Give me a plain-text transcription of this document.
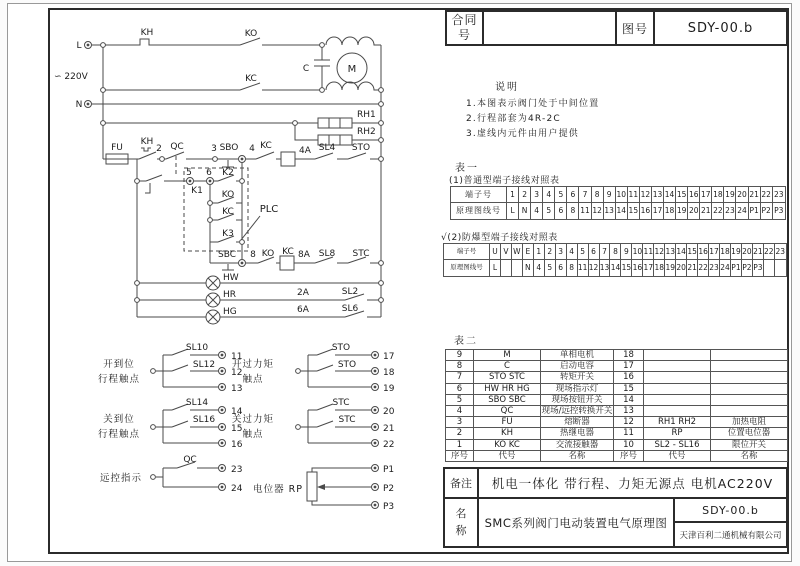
L
∽ 220V
N
KH	KO
KC
C	M
RH1
RH2
FU
KH
2 QC	3 SBO 4 KC	4A SL4 STO
5 6
K1
K2
KO
KC
K3
PLC
SBC 8 KO KC 8A SL8 STC
HW
HR
HG
2A	SL2
6A	SL6
开到位
行程触点
SL10
SL12
11
12
13
开过力矩
触点
STO
STO
17
18
19
关到位
行程触点
SL14
SL16
14
15
16
关过力矩
触点
STC
STC
20
21
22
远控指示
QC
23
24 电位器 RP
P1
P2
P3
合同号	图号	SDY-00.b
说明
1.本图表示阀门处于中间位置
2.行程部套为4R-2C
3.虚线内元件由用户提供
表一
(1)普通型端子接线对照表
端子号	1 2 3 4 5 6 7 8 9 10 11 12 13 14 15 16 17 18 19 20 21 22 23
原理图线号	L N 4 5 6 8 11 12 13 14 15 16 17 18 19 20 21 22 23 24 P1 P2 P3
√(2)防爆型端子接线对照表
端子号	U V W E 1 2 3 4 5 6 7 8 9 10 11 12 13 14 15 16 17 18 19 20 21 22 23
原理图线号	L	N 4 5 6 8 11 12 13 14 15 16 17 18 19 20 21 22 23 24 P1 P2 P3
表二
9	M	单相电机	18
8	C	启动电容	17
7	STO STC	转矩开关	16
6	HW HR HG	现场指示灯	15
5	SBO SBC	现场按钮开关	14
4	QC	现场/远控转换开关	13
3	FU	熔断器	12	RH1 RH2	加热电阻
2	KH	热继电器	11	RP	位置电位器
1	KO KC	交流接触器	10	SL2 - SL16	限位开关
序号	代号	名称	序号	代号	名称
备注 机电一体化 带行程、力矩无源点 电机AC220V
名称
SMC系列阀门电动装置电气原理图
SDY-00.b
天津百利二通机械有限公司
